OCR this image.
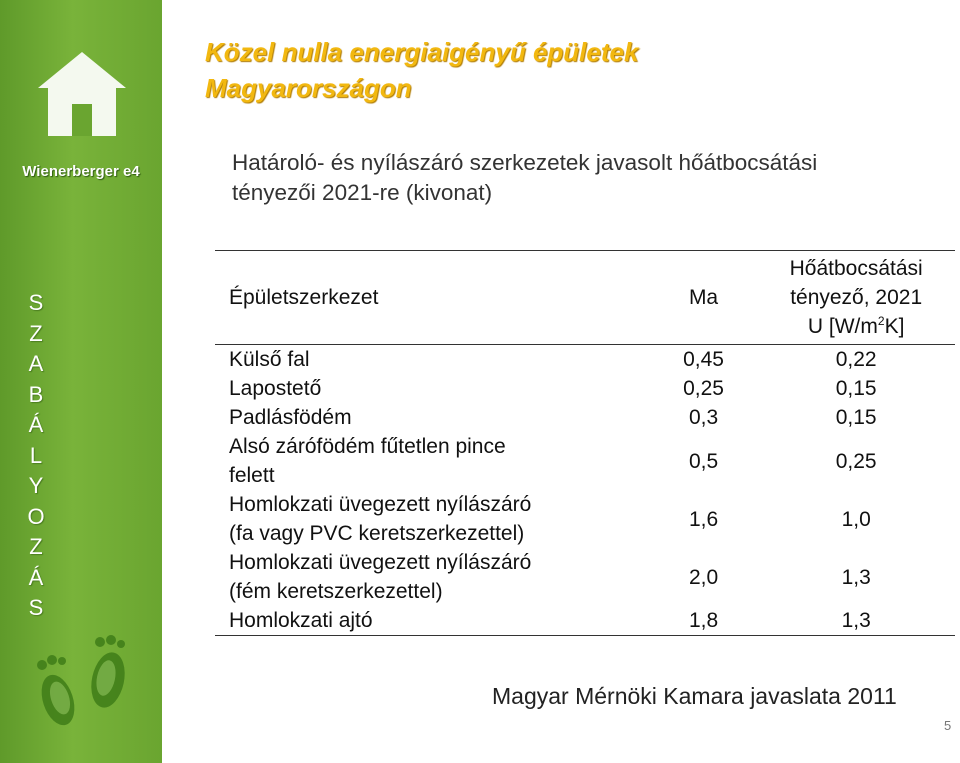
Wienerberger e4
S
Z
A
B
Á
L
Y
O
Z
Á
S
Közel nulla energiaigényű épületek
Magyarországon
Határoló- és nyílászáró szerkezetek javasolt hőátbocsátási
tényezői 2021-re (kivonat)
Épületszerkezet	Ma	Hőátbocsátási
tényező, 2021
U $[W/m^2K]$

Külső fal	0,45	0,22
Lapostető	0,25	0,15
Padlásfödém	0,3	0,15

Alsó zárófödém fűtetlen pince
felett	0,5	0,25

Homlokzati üvegezett nyílászáró
(fa vagy PVC keretszerkezettel)	1,6	1,0

Homlokzati üvegezett nyílászáró
(fém keretszerkezettel)	2,0	1,3
Homlokzati ajtó	1,8	1,3
Magyar Mérnöki Kamara javaslata 2011
5
